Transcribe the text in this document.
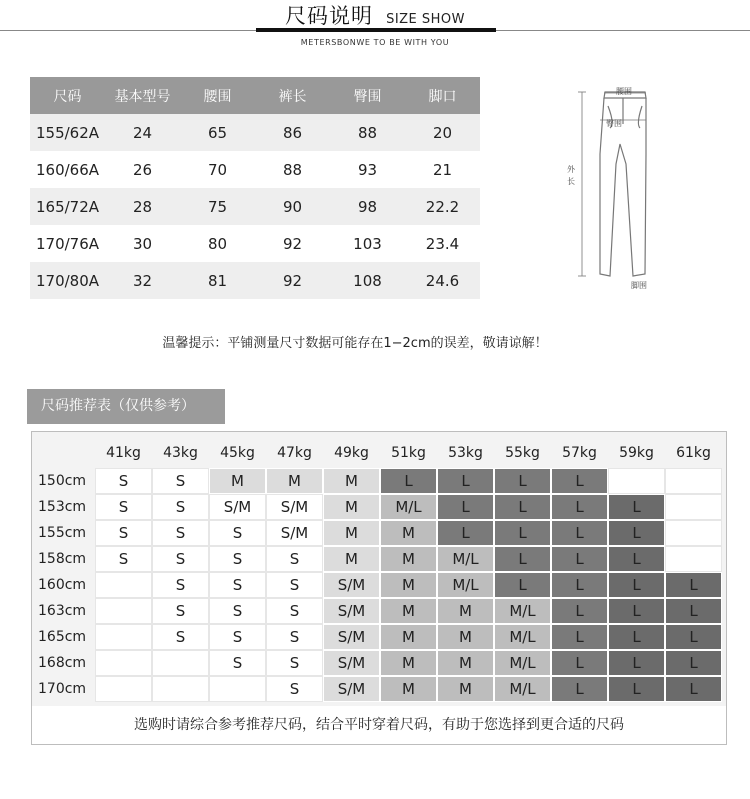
尺码说明 SIZE SHOW
METERSBONWE TO BE WITH YOU
尺码	基本型号	腰围	裤长	臀围	脚口
155/62A	24	65	86	88	20
160/66A	26	70	88	93	21
165/72A	28	75	90	98	22.2
170/76A	30	80	92	103	23.4
170/80A	32	81	92	108	24.6
腰围
臀围
外
长
脚围
温馨提示：平铺测量尺寸数据可能存在1−2cm的误差，敬请谅解！
尺码推荐表（仅供参考）
	41kg	43kg	45kg	47kg	49kg	51kg	53kg	55kg	57kg	59kg	61kg
150cm	S	S	M	M	M	L	L	L	L		
153cm	S	S	S/M	S/M	M	M/L	L	L	L	L	
155cm	S	S	S	S/M	M	M	L	L	L	L	
158cm	S	S	S	S	M	M	M/L	L	L	L	
160cm		S	S	S	S/M	M	M/L	L	L	L	L
163cm		S	S	S	S/M	M	M	M/L	L	L	L
165cm		S	S	S	S/M	M	M	M/L	L	L	L
168cm			S	S	S/M	M	M	M/L	L	L	L
170cm				S	S/M	M	M	M/L	L	L	L
选购时请综合参考推荐尺码，结合平时穿着尺码，有助于您选择到更合适的尺码
